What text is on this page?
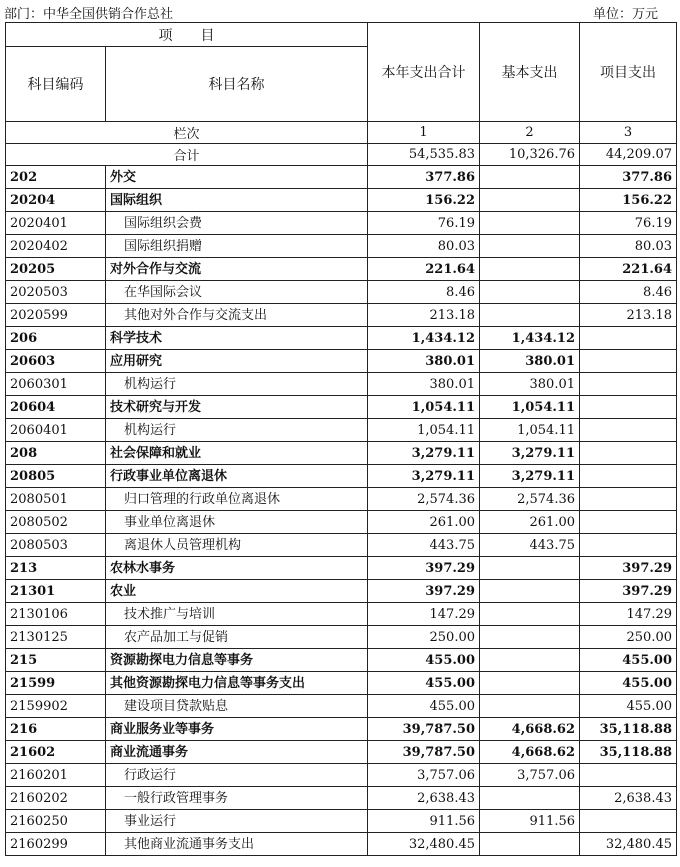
部门：中华全国供销合作总社	单位：万元
项　　目		本年支出合计	基本支出	项目支出
科目编码	科目名称			
栏次		1	2	3
合计		54,535.83	10,326.76	44,209.07
202	外交	377.86		377.86
20204	国际组织	156.22		156.22
2020401	国际组织会费	76.19		76.19
2020402	国际组织捐赠	80.03		80.03
20205	对外合作与交流	221.64		221.64
2020503	在华国际会议	8.46		8.46
2020599	其他对外合作与交流支出	213.18		213.18
206	科学技术	1,434.12	1,434.12	
20603	应用研究	380.01	380.01	
2060301	机构运行	380.01	380.01	
20604	技术研究与开发	1,054.11	1,054.11	
2060401	机构运行	1,054.11	1,054.11	
208	社会保障和就业	3,279.11	3,279.11	
20805	行政事业单位离退休	3,279.11	3,279.11	
2080501	归口管理的行政单位离退休	2,574.36	2,574.36	
2080502	事业单位离退休	261.00	261.00	
2080503	离退休人员管理机构	443.75	443.75	
213	农林水事务	397.29		397.29
21301	农业	397.29		397.29
2130106	技术推广与培训	147.29		147.29
2130125	农产品加工与促销	250.00		250.00
215	资源勘探电力信息等事务	455.00		455.00
21599	其他资源勘探电力信息等事务支出	455.00		455.00
2159902	建设项目贷款贴息	455.00		455.00
216	商业服务业等事务	39,787.50	4,668.62	35,118.88
21602	商业流通事务	39,787.50	4,668.62	35,118.88
2160201	行政运行	3,757.06	3,757.06	
2160202	一般行政管理事务	2,638.43		2,638.43
2160250	事业运行	911.56	911.56	
2160299	其他商业流通事务支出	32,480.45		32,480.45
